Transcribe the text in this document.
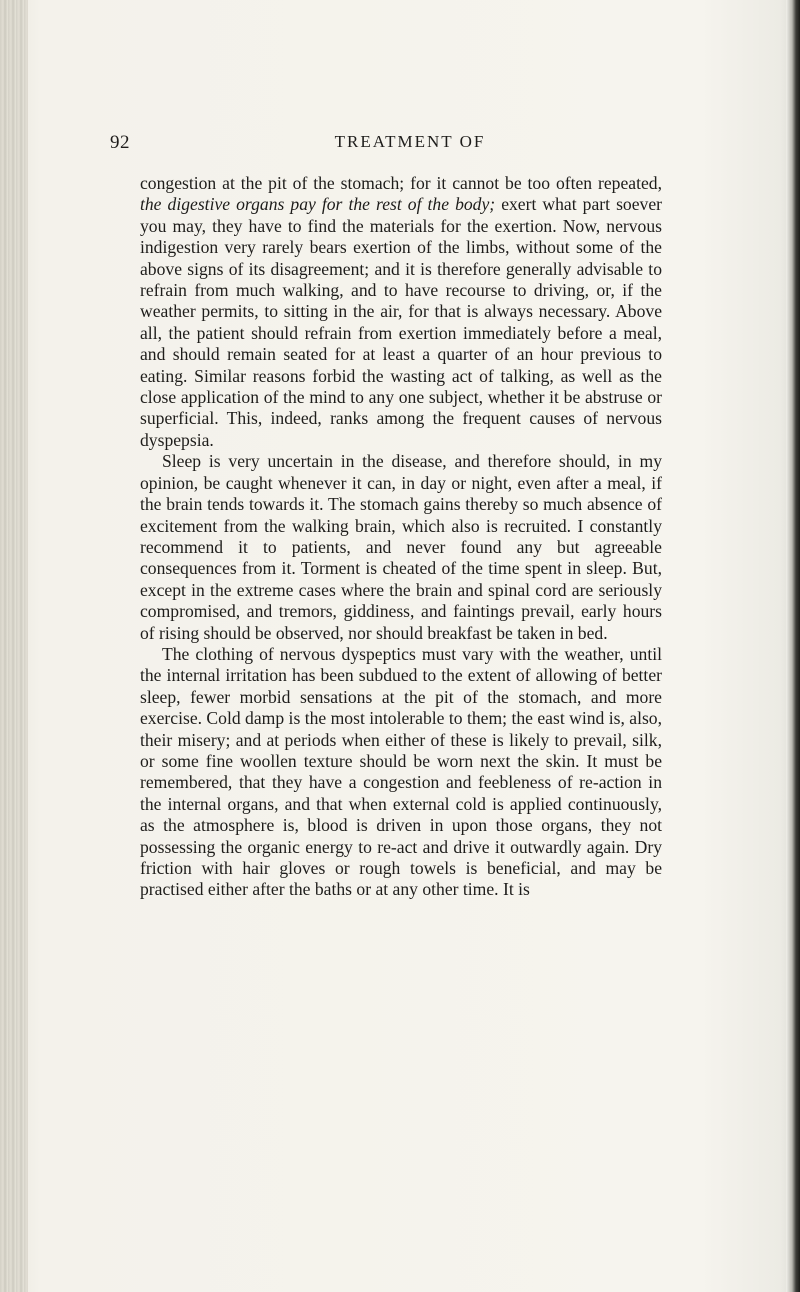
92	TREATMENT OF

congestion at the pit of the stomach; for it cannot be too often repeated, the digestive organs pay for the rest of the body; exert what part soever you may, they have to find the materials for the exertion. Now, nervous indigestion very rarely bears exertion of the limbs, without some of the above signs of its disagreement; and it is therefore generally advisable to refrain from much walking, and to have recourse to driving, or, if the weather permits, to sitting in the air, for that is always necessary. Above all, the patient should refrain from exertion immediately before a meal, and should remain seated for at least a quarter of an hour previous to eating. Similar reasons forbid the wasting act of talking, as well as the close application of the mind to any one subject, whether it be abstruse or superficial. This, indeed, ranks among the frequent causes of nervous dyspepsia.

Sleep is very uncertain in the disease, and therefore should, in my opinion, be caught whenever it can, in day or night, even after a meal, if the brain tends towards it. The stomach gains thereby so much absence of excitement from the walking brain, which also is recruited. I constantly recommend it to patients, and never found any but agreeable consequences from it. Torment is cheated of the time spent in sleep. But, except in the extreme cases where the brain and spinal cord are seriously compromised, and tremors, giddiness, and faintings prevail, early hours of rising should be observed, nor should breakfast be taken in bed.

The clothing of nervous dyspeptics must vary with the weather, until the internal irritation has been subdued to the extent of allowing of better sleep, fewer morbid sensations at the pit of the stomach, and more exercise. Cold damp is the most intolerable to them; the east wind is, also, their misery; and at periods when either of these is likely to prevail, silk, or some fine woollen texture should be worn next the skin. It must be remembered, that they have a congestion and feebleness of re-action in the internal organs, and that when external cold is applied continuously, as the atmosphere is, blood is driven in upon those organs, they not possessing the organic energy to re-act and drive it outwardly again. Dry friction with hair gloves or rough towels is beneficial, and may be practised either after the baths or at any other time. It is
